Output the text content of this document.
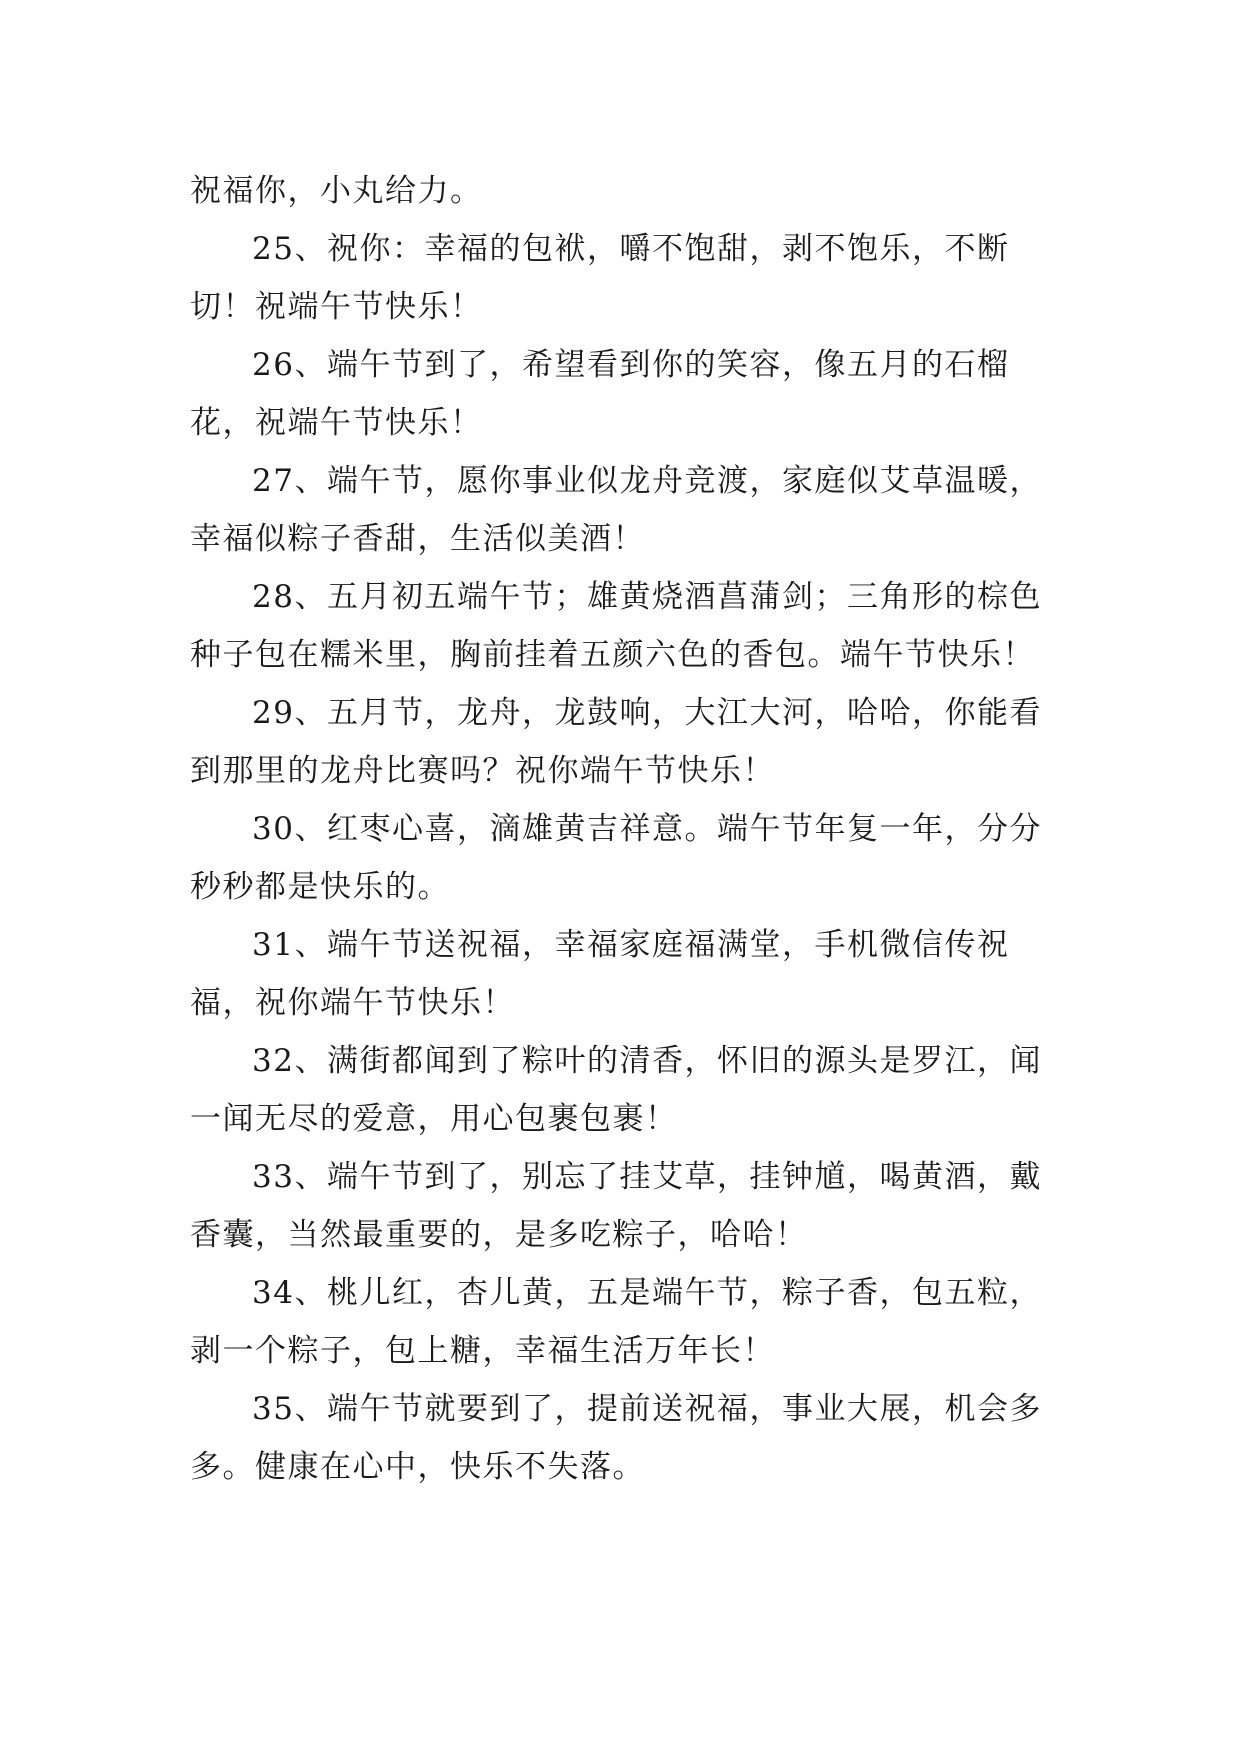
祝福你，小丸给力。

25、祝你：幸福的包袱，嚼不饱甜，剥不饱乐，不断切！祝端午节快乐！

26、端午节到了，希望看到你的笑容，像五月的石榴花，祝端午节快乐！

27、端午节，愿你事业似龙舟竞渡，家庭似艾草温暖，幸福似粽子香甜，生活似美酒！

28、五月初五端午节；雄黄烧酒菖蒲剑；三角形的棕色种子包在糯米里，胸前挂着五颜六色的香包。端午节快乐！

29、五月节，龙舟，龙鼓响，大江大河，哈哈，你能看到那里的龙舟比赛吗？祝你端午节快乐！

30、红枣心喜，滴雄黄吉祥意。端午节年复一年，分分秒秒都是快乐的。

31、端午节送祝福，幸福家庭福满堂，手机微信传祝福，祝你端午节快乐！

32、满街都闻到了粽叶的清香，怀旧的源头是罗江，闻一闻无尽的爱意，用心包裹包裹！

33、端午节到了，别忘了挂艾草，挂钟馗，喝黄酒，戴香囊，当然最重要的，是多吃粽子，哈哈！

34、桃儿红，杏儿黄，五是端午节，粽子香，包五粒，剥一个粽子，包上糖，幸福生活万年长！

35、端午节就要到了，提前送祝福，事业大展，机会多多。健康在心中，快乐不失落。
